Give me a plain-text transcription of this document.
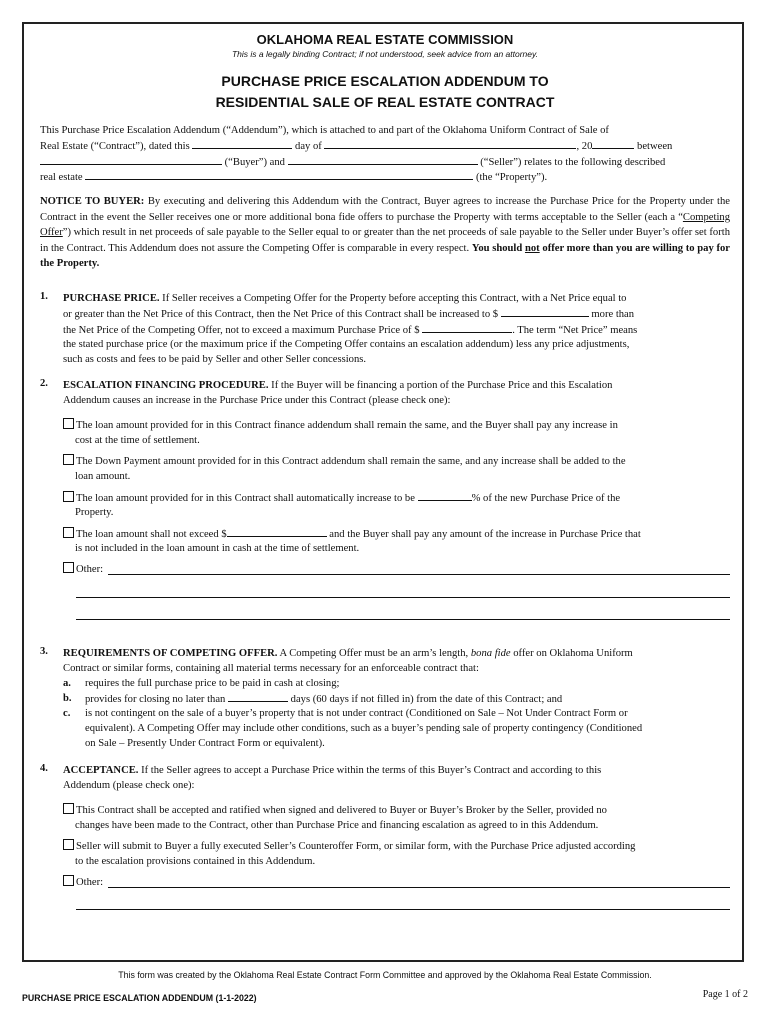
OKLAHOMA REAL ESTATE COMMISSION
This is a legally binding Contract; if not understood, seek advice from an attorney.
PURCHASE PRICE ESCALATION ADDENDUM TO
RESIDENTIAL SALE OF REAL ESTATE CONTRACT
This Purchase Price Escalation Addendum (“Addendum”), which is attached to and part of the Oklahoma Uniform Contract of Sale of
Real Estate (“Contract”), dated this	day of	, 20	between
(“Buyer”) and	(“Seller”) relates to the following described
real estate	(the “Property”).

NOTICE TO BUYER: By executing and delivering this Addendum with the Contract, Buyer agrees to increase the Purchase Price for the Property under the Contract in the event the Seller receives one or more additional bona fide offers to purchase the Property with terms acceptable to the Seller (each a “Competing Offer”) which result in net proceeds of sale payable to the Seller equal to or greater than the net proceeds of sale payable to the Seller under Buyer’s offer set forth in the Contract. This Addendum does not assure the Competing Offer is comparable in every respect. You should not offer more than you are willing to pay for the Property.

1. PURCHASE PRICE. If Seller receives a Competing Offer for the Property before accepting this Contract, with a Net Price equal to
or greater than the Net Price of this Contract, then the Net Price of this Contract shall be increased to $	more than
the Net Price of the Competing Offer, not to exceed a maximum Purchase Price of $	. The term “Net Price” means
the stated purchase price (or the maximum price if the Competing Offer contains an escalation addendum) less any price adjustments,
such as costs and fees to be paid by Seller and other Seller concessions.
2. ESCALATION FINANCING PROCEDURE. If the Buyer will be financing a portion of the Purchase Price and this Escalation
Addendum causes an increase in the Purchase Price under this Contract (please check one):
The loan amount provided for in this Contract finance addendum shall remain the same, and the Buyer shall pay any increase in
cost at the time of settlement.
The Down Payment amount provided for in this Contract addendum shall remain the same, and any increase shall be added to the
loan amount.
The loan amount provided for in this Contract shall automatically increase to be	% of the new Purchase Price of the
Property.
The loan amount shall not exceed $	and the Buyer shall pay any amount of the increase in Purchase Price that
is not included in the loan amount in cash at the time of settlement.
Other:
3. REQUIREMENTS OF COMPETING OFFER. A Competing Offer must be an arm’s length, bona fide offer on Oklahoma Uniform
Contract or similar forms, containing all material terms necessary for an enforceable contract that:
a. requires the full purchase price to be paid in cash at closing;
b. provides for closing no later than	days (60 days if not filled in) from the date of this Contract; and
c. is not contingent on the sale of a buyer’s property that is not under contract (Conditioned on Sale – Not Under Contract Form or
equivalent). A Competing Offer may include other conditions, such as a buyer’s pending sale of property contingency (Conditioned
on Sale – Presently Under Contract Form or equivalent).
4. ACCEPTANCE. If the Seller agrees to accept a Purchase Price within the terms of this Buyer’s Contract and according to this
Addendum (please check one):
This Contract shall be accepted and ratified when signed and delivered to Buyer or Buyer’s Broker by the Seller, provided no
changes have been made to the Contract, other than Purchase Price and financing escalation as agreed to in this Addendum.
Seller will submit to Buyer a fully executed Seller’s Counteroffer Form, or similar form, with the Purchase Price adjusted according
to the escalation provisions contained in this Addendum.
Other:
This form was created by the Oklahoma Real Estate Contract Form Committee and approved by the Oklahoma Real Estate Commission.
PURCHASE PRICE ESCALATION ADDENDUM (1-1-2022)	Page 1 of 2
